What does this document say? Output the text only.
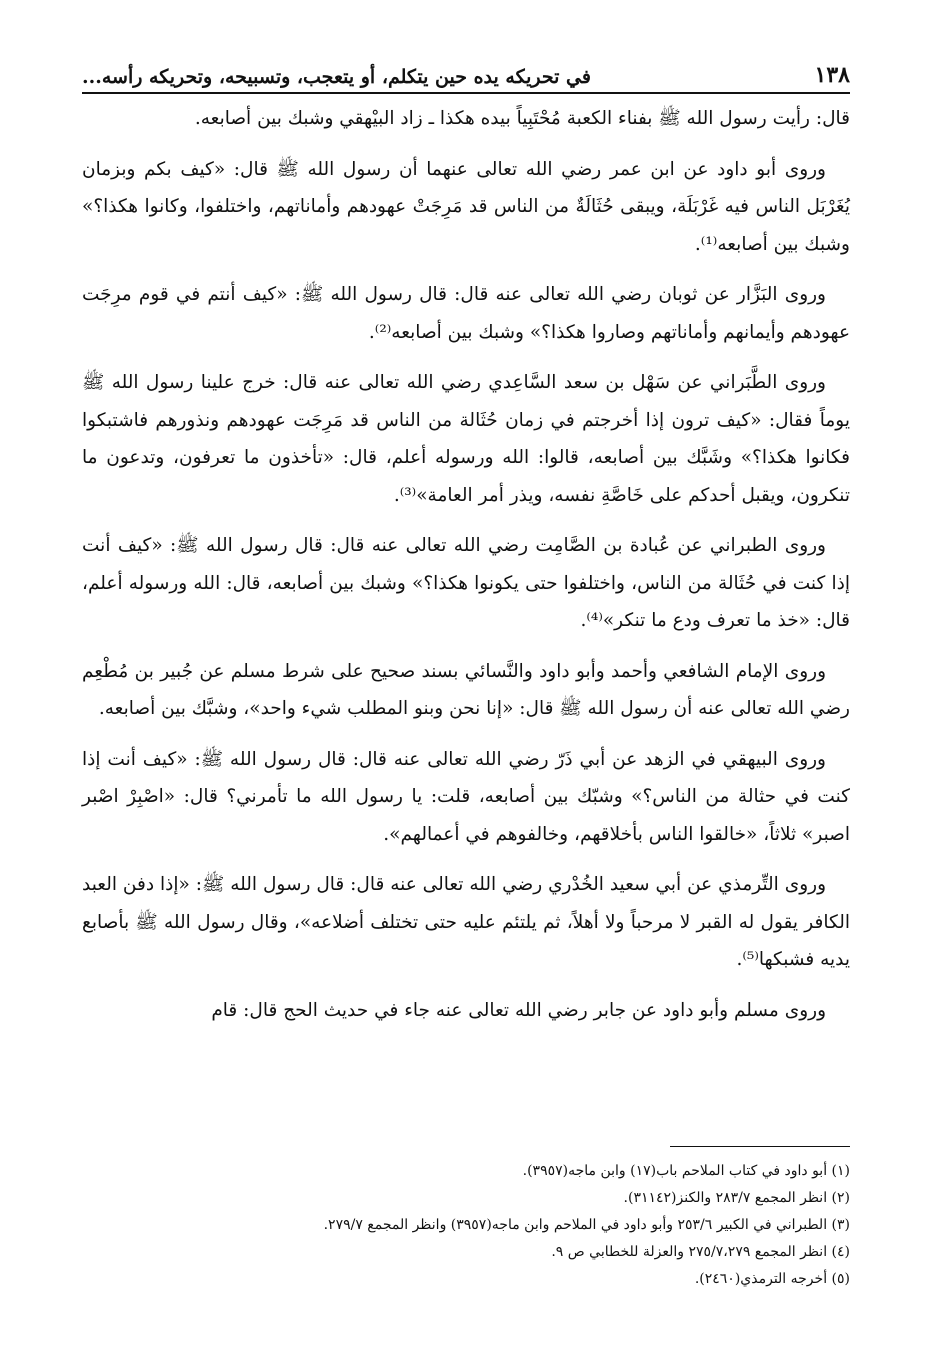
١٣٨
في تحريكه يده حين يتكلم، أو يتعجب، وتسبيحه، وتحريكه رأسه...

قال: رأيت رسول الله ﷺ بفناء الكعبة مُحْتَبِياً بيده هكذا ـ زاد البيْهقي وشبك بين أصابعه.

وروى أبو داود عن ابن عمر رضي الله تعالى عنهما أن رسول الله ﷺ قال: «كيف بكم وبزمان يُغَرْبَل الناس فيه غَرْبَلَة، ويبقى حُثَالَةٌ من الناس قد مَرِجَتْ عهودهم وأماناتهم، واختلفوا، وكانوا هكذا؟» وشبك بين أصابعه⁽¹⁾.

وروى البَزَّار عن ثوبان رضي الله تعالى عنه قال: قال رسول الله ﷺ: «كيف أنتم في قوم مرِجَت عهودهم وأيمانهم وأماناتهم وصاروا هكذا؟» وشبك بين أصابعه⁽²⁾.

وروى الطَّبَراني عن سَهْل بن سعد السَّاعِدي رضي الله تعالى عنه قال: خرج علينا رسول الله ﷺ يوماً فقال: «كيف ترون إذا أخرجتم في زمان حُثَالة من الناس قد مَرِجَت عهودهم ونذورهم فاشتبكوا فكانوا هكذا؟» وشَبَّك بين أصابعه، قالوا: الله ورسوله أعلم، قال: «تأخذون ما تعرفون، وتدعون ما تنكرون، ويقبل أحدكم على خَاصَّةِ نفسه، ويذر أمر العامة»⁽³⁾.

وروى الطبراني عن عُبادة بن الصَّامِت رضي الله تعالى عنه قال: قال رسول الله ﷺ: «كيف أنت إذا كنت في حُثَالة من الناس، واختلفوا حتى يكونوا هكذا؟» وشبك بين أصابعه، قال: الله ورسوله أعلم، قال: «خذ ما تعرف ودع ما تنكر»⁽⁴⁾.

وروى الإمام الشافعي وأحمد وأبو داود والنَّسائي بسند صحيح على شرط مسلم عن جُبير بن مُطْعِم رضي الله تعالى عنه أن رسول الله ﷺ قال: «إنا نحن وبنو المطلب شيء واحد»، وشبَّك بين أصابعه.

وروى البيهقي في الزهد عن أبي ذَرّ رضي الله تعالى عنه قال: قال رسول الله ﷺ: «كيف أنت إذا كنت في حثالة من الناس؟» وشبّك بين أصابعه، قلت: يا رسول الله ما تأمرني؟ قال: «اصْبِرْ اصْبر اصبر» ثلاثاً، «خالقوا الناس بأخلاقهم، وخالفوهم في أعمالهم».

وروى التِّرمذي عن أبي سعيد الخُدْري رضي الله تعالى عنه قال: قال رسول الله ﷺ: «إذا دفن العبد الكافر يقول له القبر لا مرحباً ولا أهلاً، ثم يلتئم عليه حتى تختلف أضلاعه»، وقال رسول الله ﷺ بأصابع يديه فشبكها⁽⁵⁾.

وروى مسلم وأبو داود عن جابر رضي الله تعالى عنه جاء في حديث الحج قال: قام

(١) أبو داود في كتاب الملاحم باب(١٧) وابن ماجه(٣٩٥٧).
(٢) انظر المجمع ٢٨٣/٧ والكنز(٣١١٤٢).
(٣) الطبراني في الكبير ٢٥٣/٦ وأبو داود في الملاحم وابن ماجه(٣٩٥٧) وانظر المجمع ٢٧٩/٧.
(٤) انظر المجمع ٢٧٥/٧،٢٧٩ والعزلة للخطابي ص ٩.
(٥) أخرجه الترمذي(٢٤٦٠).
